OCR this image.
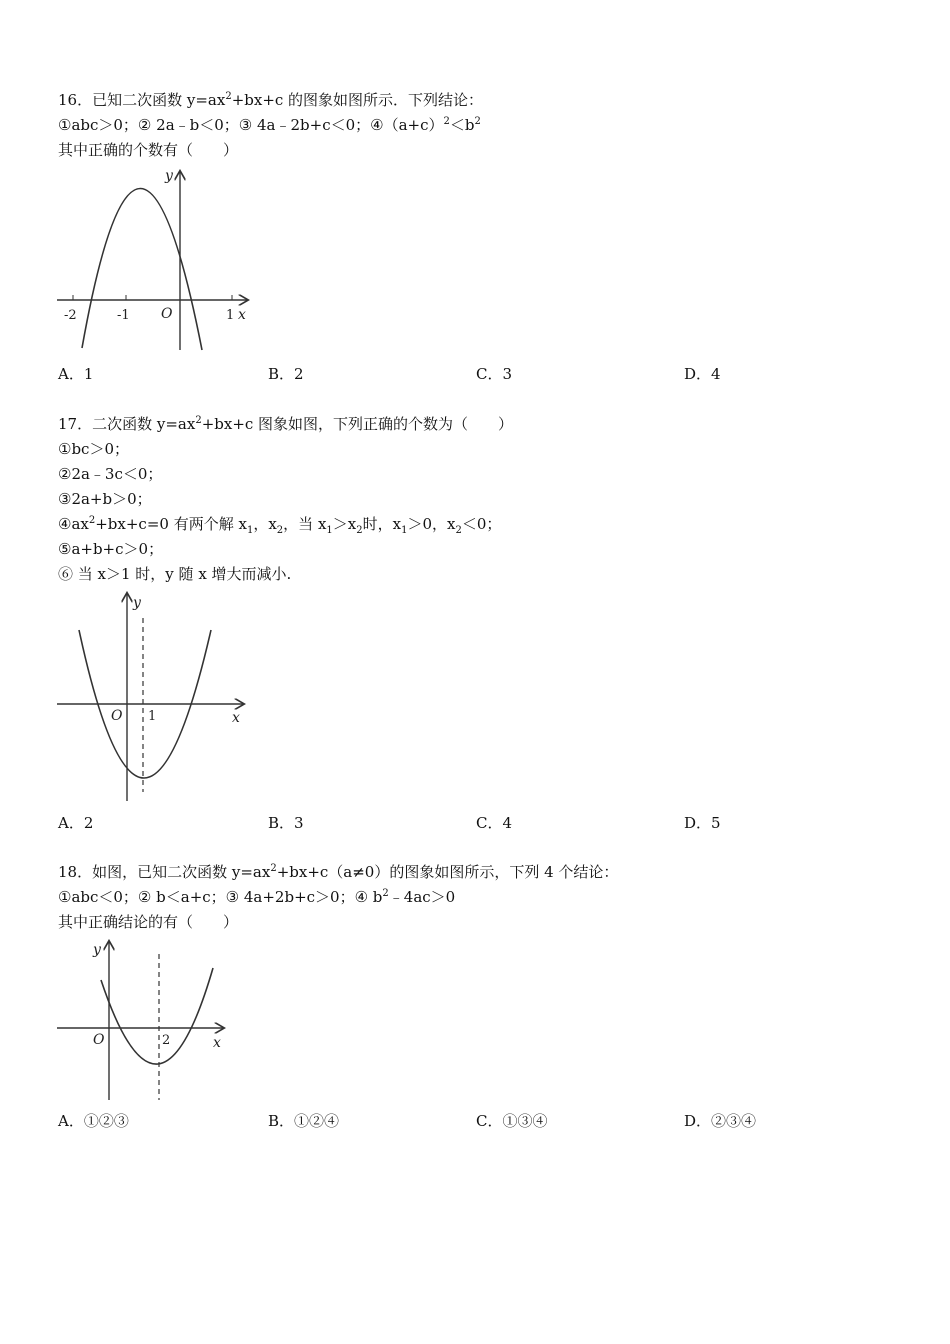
16．已知二次函数 $y=ax^2+bx+c$ 的图象如图所示．下列结论：
①abc＞0；② 2a﹣b＜0；③ 4a﹣2b+c＜0；$④(a+c)^2<b^2$
其中正确的个数有（　　）
y
x
O
-2	-1	1
A．1	B．2	C．3	D．4
17．二次函数 $y=ax^2+bx+c$ 图象如图，下列正确的个数为（　　）
①bc＞0；
②2a﹣3c＜0；
③2a+b＞0；
$④ax^2+bx+c=0$ 有两个解 $x_1$，$x_2$，当 $x_1>x_2$时，$x_1>0$，$x_2<0$；
⑤a+b+c＞0；
⑥ 当 x＞1 时，y 随 x 增大而减小.
y
x
O 1
A．2	B．3	C．4	D．5
18．如图，已知二次函数 $y=ax^2+bx+c(a\ne 0)$的图象如图所示，下列 4 个结论：
①abc＜0；② b＜a+c；③ 4a+2b+c＞0；④ $b^2﹣4ac>0$
其中正确结论的有（　　）
y
x
O	2
A．①②③	B．①②④	C．①③④	D．②③④
